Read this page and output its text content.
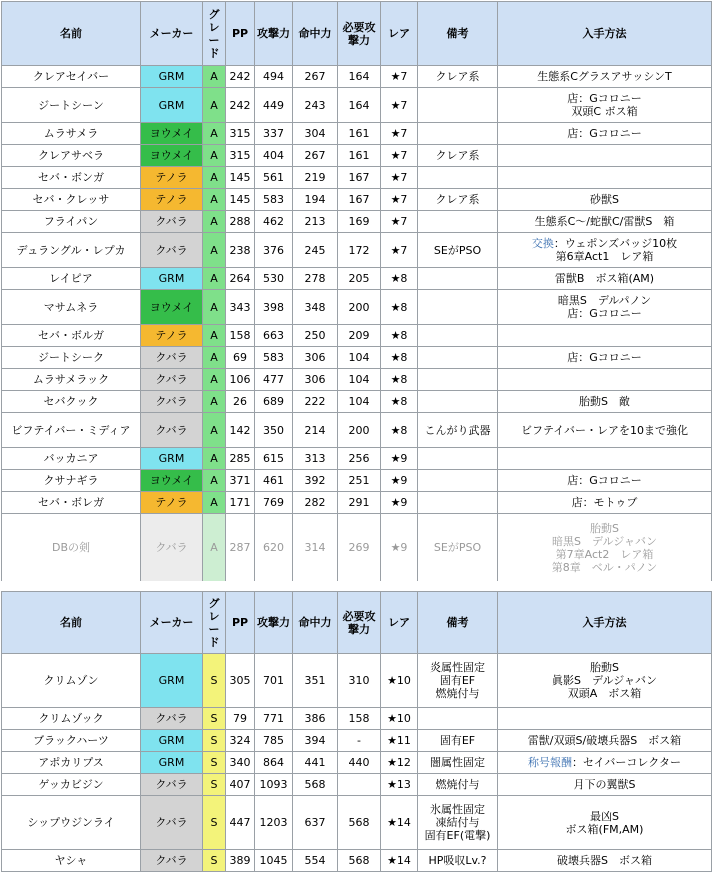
名前	メーカー	グレード	PP	攻撃力	命中力	必要攻撃力	レア	備考	入手方法
クレアセイバー	GRM	A	242	494	267	164	★7	クレア系	生態系CグラスアサッシンT
ジートシーン	GRM	A	242	449	243	164	★7		店：Gコロニー
双頭C ボス箱
ムラサメラ	ヨウメイ	A	315	337	304	161	★7		店：Gコロニー
クレアサベラ	ヨウメイ	A	315	404	267	161	★7	クレア系	
セバ・ボンガ	テノラ	A	145	561	219	167	★7		
セバ・クレッサ	テノラ	A	145	583	194	167	★7	クレア系	砂獣S
フライパン	クバラ	A	288	462	213	169	★7		生態系C～/蛇獣C/雷獣S　箱
デュラングル・レプカ	クバラ	A	238	376	245	172	★7	SEがPSO	交換：ウェポンズバッジ10枚
第6章Act1　レア箱
レイピア	GRM	A	264	530	278	205	★8		雷獣B　ボス箱(AM)
マサムネラ	ヨウメイ	A	343	398	348	200	★8		暗黒S　デルパノン
店：Gコロニー
セバ・ボルガ	テノラ	A	158	663	250	209	★8		
ジートシーク	クバラ	A	69	583	306	104	★8		店：Gコロニー
ムラサメラック	クバラ	A	106	477	306	104	★8		
セバクック	クバラ	A	26	689	222	104	★8		胎動S　敵
ビフテイバー・ミディア	クバラ	A	142	350	214	200	★8	こんがり武器	ビフテイバー・レアを10まで強化
バッカニア	GRM	A	285	615	313	256	★9		
クサナギラ	ヨウメイ	A	371	461	392	251	★9		店：Gコロニー
セバ・ボレガ	テノラ	A	171	769	282	291	★9		店：モトゥブ
DBの剣	クバラ	A	287	620	314	269	★9	SEがPSO	胎動S
暗黒S　デルジャバン
第7章Act2　レア箱
第8章　ベル・パノン
名前	メーカー	グレード	PP	攻撃力	命中力	必要攻撃力	レア	備考	入手方法
クリムゾン	GRM	S	305	701	351	310	★10	炎属性固定
固有EF
燃焼付与	胎動S
眞影S　デルジャバン
双頭A　ボス箱
クリムゾック	クバラ	S	79	771	386	158	★10		
ブラックハーツ	GRM	S	324	785	394	-	★11	固有EF	雷獣/双頭S/破壊兵器S　ボス箱
アポカリプス	GRM	S	340	864	441	440	★12	闇属性固定	称号報酬：セイバーコレクター
ゲッカビジン	クバラ	S	407	1093	568		★13	燃焼付与	月下の翼獣S
シップウジンライ	クバラ	S	447	1203	637	568	★14	氷属性固定
凍結付与
固有EF(電撃)	最凶S
ボス箱(FM,AM)
ヤシャ	クバラ	S	389	1045	554	568	★14	HP吸収Lv.?	破壊兵器S　ボス箱
